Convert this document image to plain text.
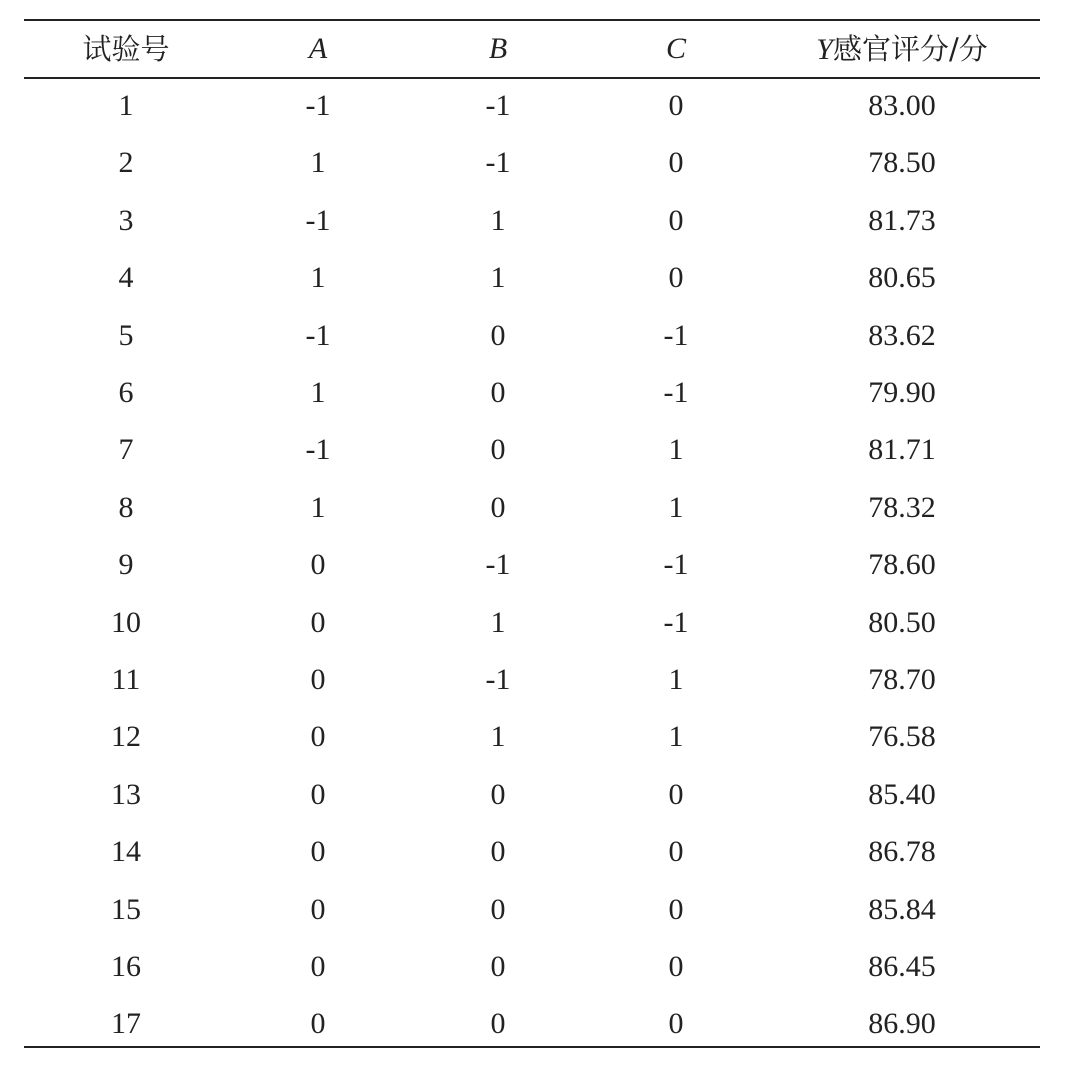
试验号	A	B	C	Y感官评分/分
1	-1	-1	0	83.00
2	1	-1	0	78.50
3	-1	1	0	81.73
4	1	1	0	80.65
5	-1	0	-1	83.62
6	1	0	-1	79.90
7	-1	0	1	81.71
8	1	0	1	78.32
9	0	-1	-1	78.60
10	0	1	-1	80.50
11	0	-1	1	78.70
12	0	1	1	76.58
13	0	0	0	85.40
14	0	0	0	86.78
15	0	0	0	85.84
16	0	0	0	86.45
17	0	0	0	86.90
